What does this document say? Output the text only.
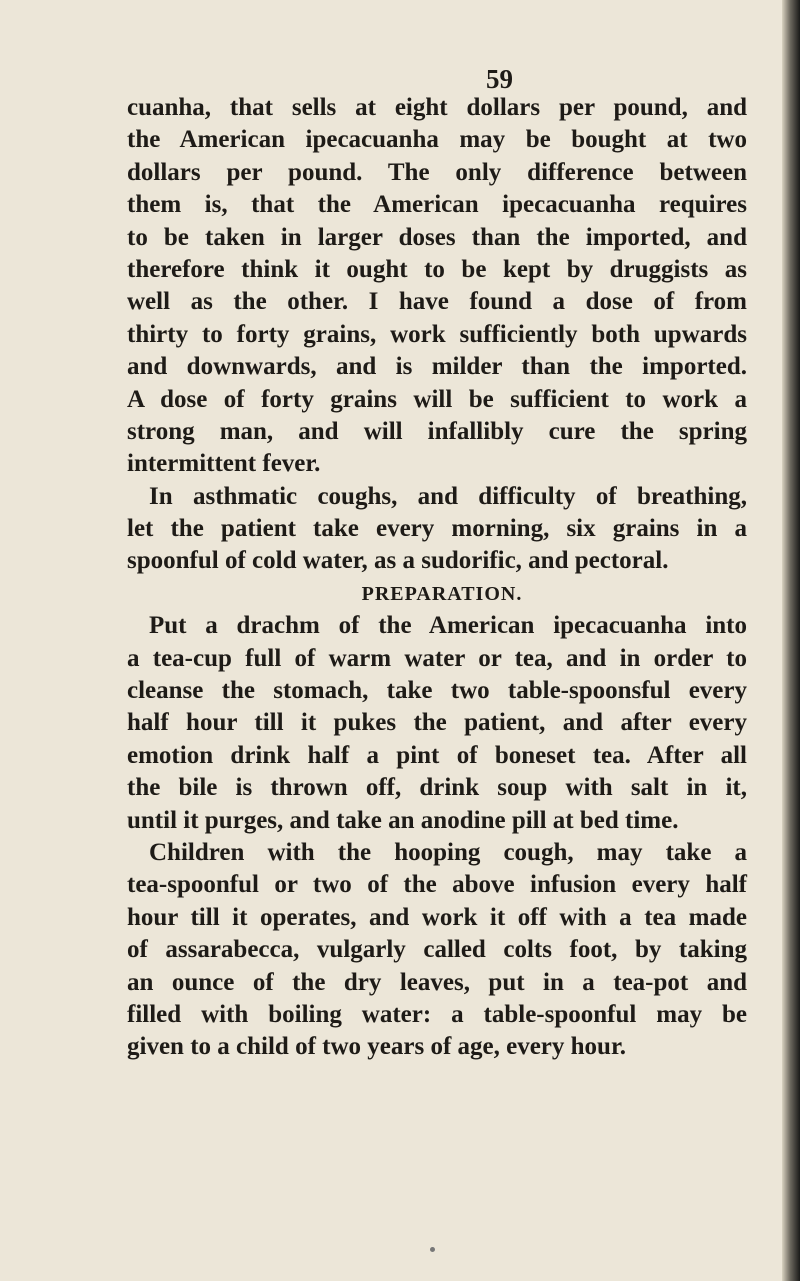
59
cuanha, that sells at eight dollars per pound, and
the American ipecacuanha may be bought at two
dollars per pound. The only difference between
them is, that the American ipecacuanha requires
to be taken in larger doses than the imported, and
therefore think it ought to be kept by druggists as
well as the other. I have found a dose of from
thirty to forty grains, work sufficiently both upwards
and downwards, and is milder than the imported.
A dose of forty grains will be sufficient to work a
strong man, and will infallibly cure the spring
intermittent fever.
In asthmatic coughs, and difficulty of breathing,
let the patient take every morning, six grains in a
spoonful of cold water, as a sudorific, and pectoral.
PREPARATION.
Put a drachm of the American ipecacuanha into
a tea-cup full of warm water or tea, and in order to
cleanse the stomach, take two table-spoonsful every
half hour till it pukes the patient, and after every
emotion drink half a pint of boneset tea. After all
the bile is thrown off, drink soup with salt in it,
until it purges, and take an anodine pill at bed time.
Children with the hooping cough, may take a
tea-spoonful or two of the above infusion every half
hour till it operates, and work it off with a tea made
of assarabecca, vulgarly called colts foot, by taking
an ounce of the dry leaves, put in a tea-pot and
filled with boiling water: a table-spoonful may be
given to a child of two years of age, every hour.
